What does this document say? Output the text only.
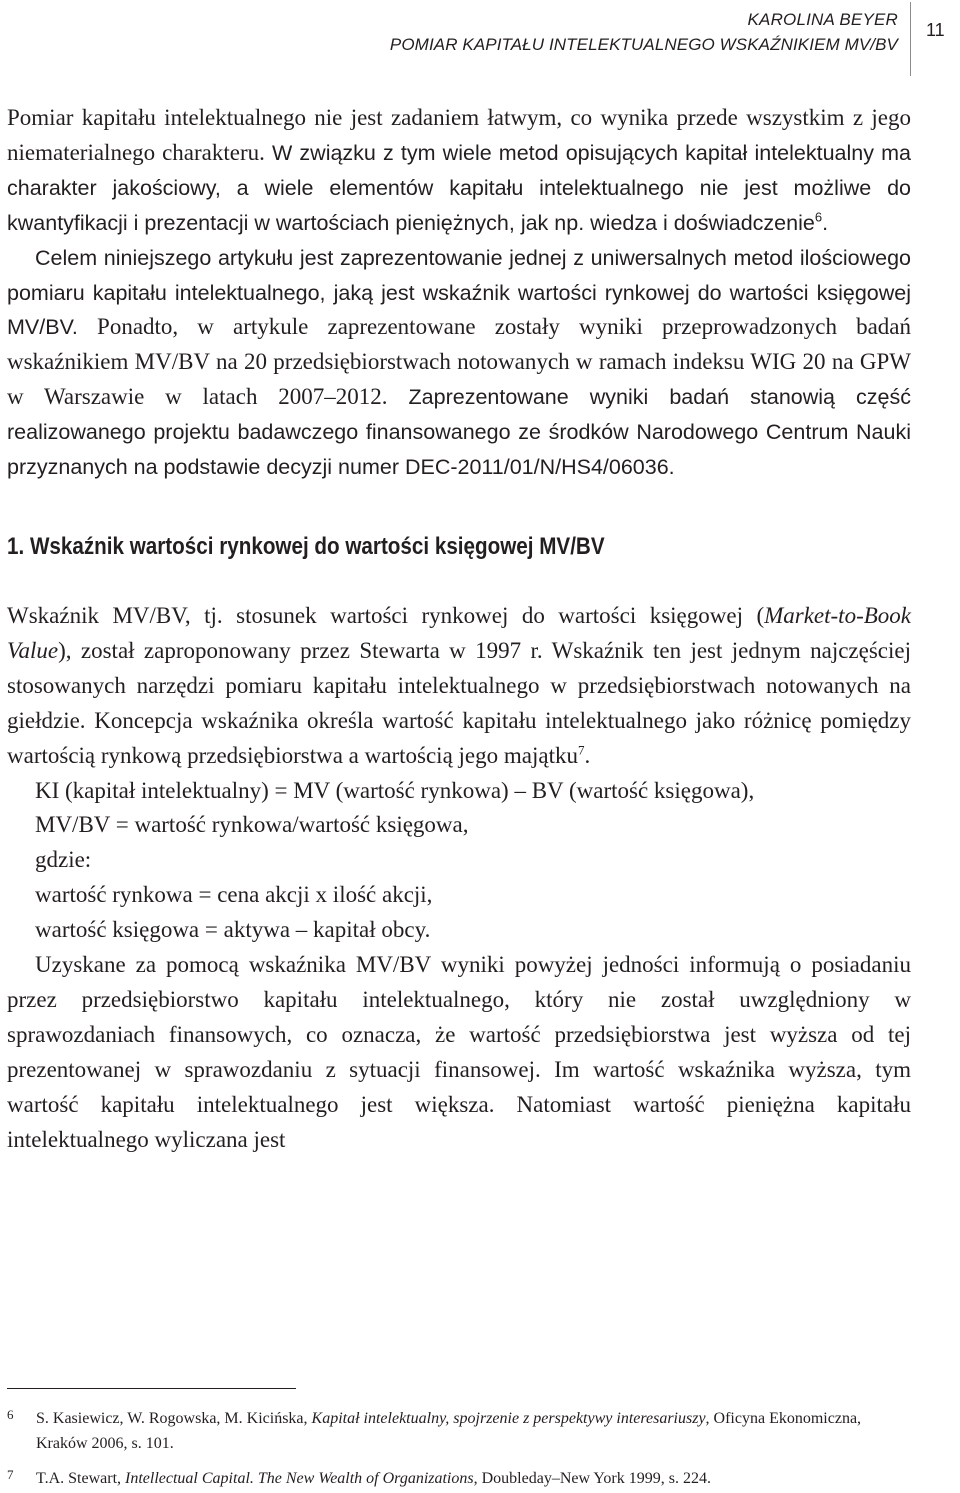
KAROLINA BEYER
POMIAR KAPITAŁU INTELEKTUALNEGO WSKAŹNIKIEM MV/BV
11

Pomiar kapitału intelektualnego nie jest zadaniem łatwym, co wynika przede wszystkim z jego niematerialnego charakteru. W związku z tym wiele metod opisujących kapitał intelektualny ma charakter jakościowy, a wiele elementów kapitału intelektualnego nie jest możliwe do kwantyfikacji i prezentacji w wartościach pieniężnych, jak np. wiedza i doświadczenie$^6$.

Celem niniejszego artykułu jest zaprezentowanie jednej z uniwersalnych metod ilościowego pomiaru kapitału intelektualnego, jaką jest wskaźnik wartości rynkowej do wartości księgowej MV/BV. Ponadto, w artykule zaprezentowane zostały wyniki przeprowadzonych badań wskaźnikiem MV/BV na 20 przedsiębiorstwach notowanych w ramach indeksu WIG 20 na GPW w Warszawie w latach 2007–2012. Zaprezentowane wyniki badań stanowią część realizowanego projektu badawczego finansowanego ze środków Narodowego Centrum Nauki przyznanych na podstawie decyzji numer DEC-2011/01/N/HS4/06036.

1. Wskaźnik wartości rynkowej do wartości księgowej MV/BV

Wskaźnik MV/BV, tj. stosunek wartości rynkowej do wartości księgowej (Market-to-Book Value), został zaproponowany przez Stewarta w 1997 r. Wskaźnik ten jest jednym najczęściej stosowanych narzędzi pomiaru kapitału intelektualnego w przedsiębiorstwach notowanych na giełdzie. Koncepcja wskaźnika określa wartość kapitału intelektualnego jako różnicę pomiędzy wartością rynkową przedsiębiorstwa a wartością jego majątku$^7$.

KI (kapitał intelektualny) = MV (wartość rynkowa) – BV (wartość księgowa),
MV/BV = wartość rynkowa/wartość księgowa,
gdzie:
wartość rynkowa = cena akcji x ilość akcji,
wartość księgowa = aktywa – kapitał obcy.

Uzyskane za pomocą wskaźnika MV/BV wyniki powyżej jedności informują o posiadaniu przez przedsiębiorstwo kapitału intelektualnego, który nie został uwzględniony w sprawozdaniach finansowych, co oznacza, że wartość przedsiębiorstwa jest wyższa od tej prezentowanej w sprawozdaniu z sytuacji finansowej. Im wartość wskaźnika wyższa, tym wartość kapitału intelektualnego jest większa. Natomiast wartość pieniężna kapitału intelektualnego wyliczana jest

6	S. Kasiewicz, W. Rogowska, M. Kicińska, Kapitał intelektualny, spojrzenie z perspektywy interesariuszy, Oficyna Ekonomiczna, Kraków 2006, s. 101.
7	T.A. Stewart, Intellectual Capital. The New Wealth of Organizations, Doubleday–New York 1999, s. 224.
